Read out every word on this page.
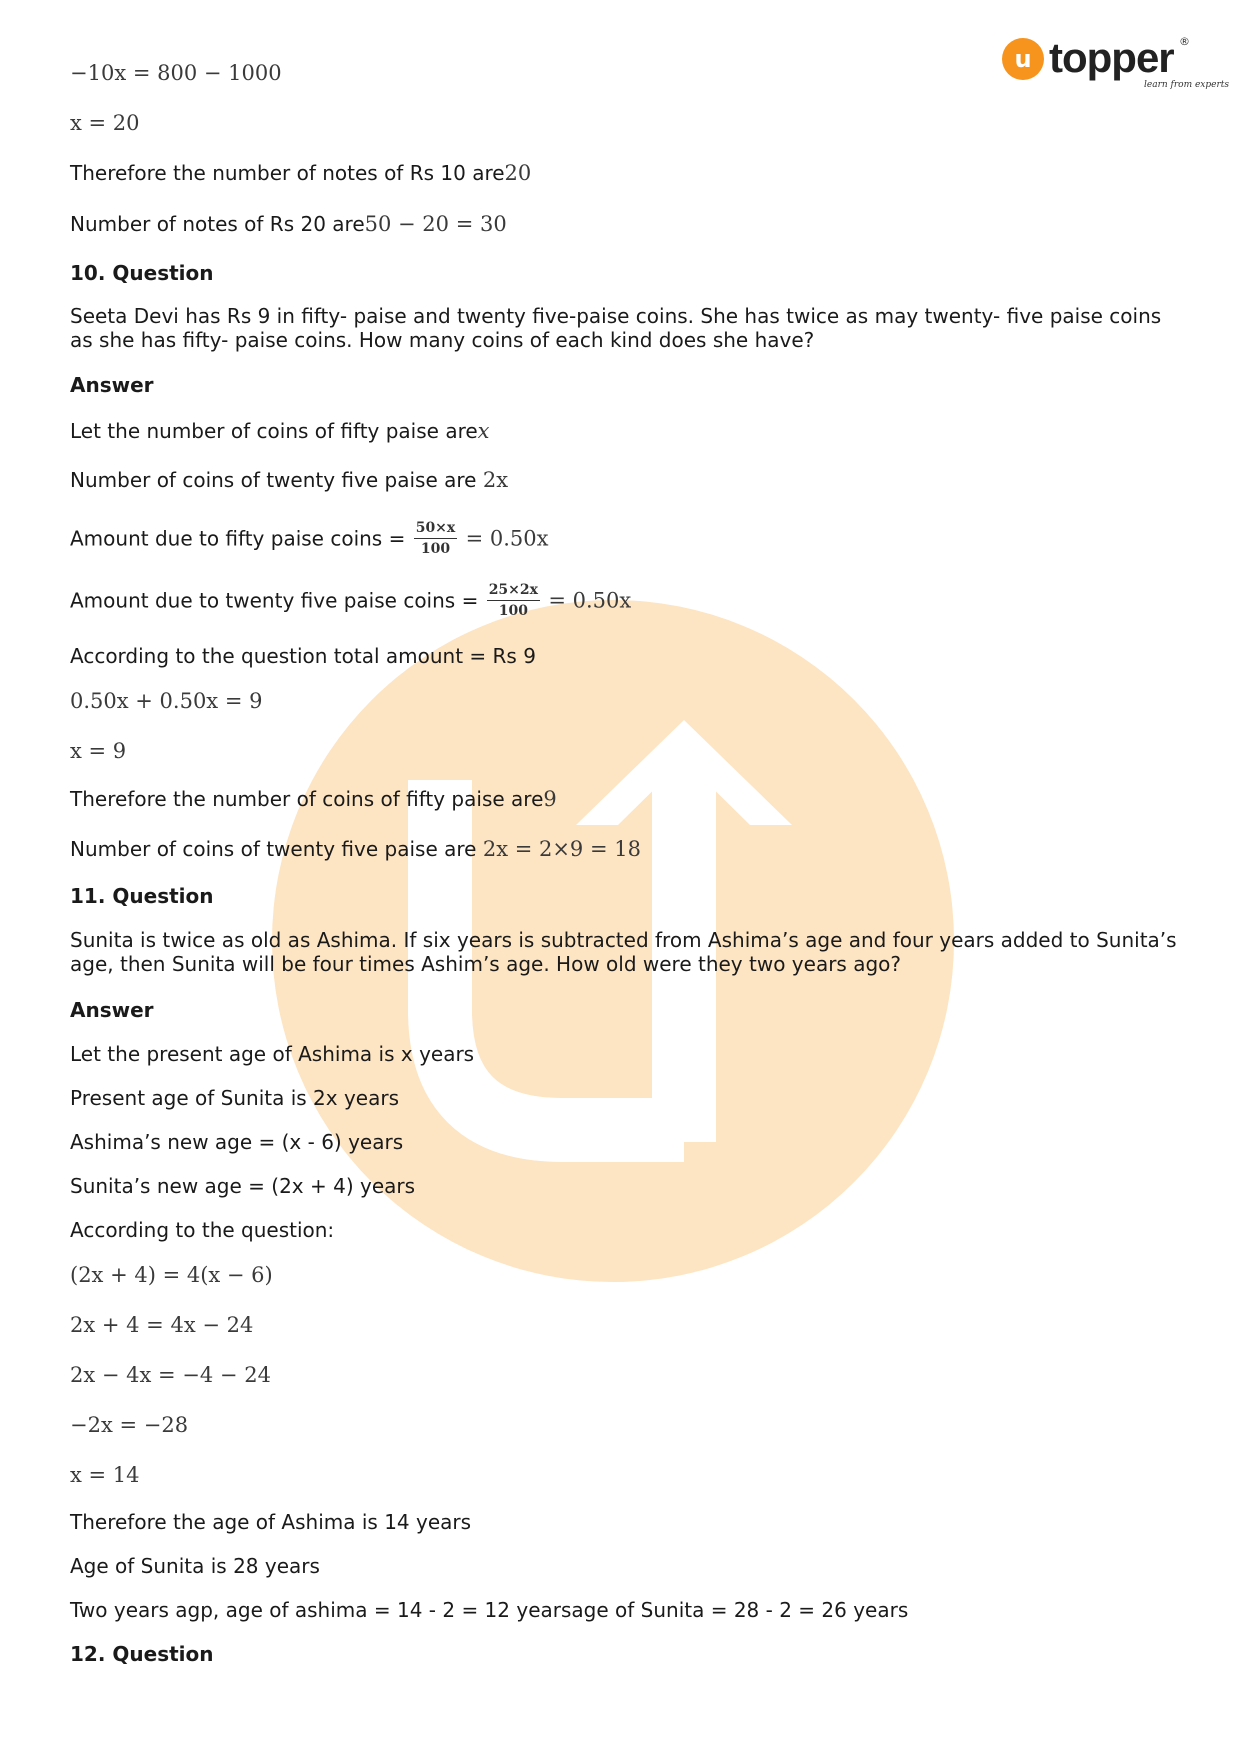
u topper
learn from experts
®
−10x = 800 − 1000
x = 20
Therefore the number of notes of Rs 10 are20
Number of notes of Rs 20 are50 − 20 = 30
10. Question
Seeta Devi has Rs 9 in fifty- paise and twenty five-paise coins. She has twice as may twenty- five paise coins as she has fifty- paise coins. How many coins of each kind does she have?
Answer
Let the number of coins of fifty paise arex
Number of coins of twenty five paise are 2x
Amount due to fifty paise coins = $\frac{50\times x}{100} = 0.50x$
Amount due to twenty five paise coins = $\frac{25\times 2x}{100} = 0.50x$
According to the question total amount = Rs 9
0.50x + 0.50x = 9
x = 9
Therefore the number of coins of fifty paise are9
Number of coins of twenty five paise are 2x = 2×9 = 18
11. Question
Sunita is twice as old as Ashima. If six years is subtracted from Ashima’s age and four years added to Sunita’s age, then Sunita will be four times Ashim’s age. How old were they two years ago?
Answer
Let the present age of Ashima is x years
Present age of Sunita is 2x years
Ashima’s new age = (x - 6) years
Sunita’s new age = (2x + 4) years
According to the question:
(2x + 4) = 4(x − 6)
2x + 4 = 4x − 24
2x − 4x = −4 − 24
−2x = −28
x = 14
Therefore the age of Ashima is 14 years
Age of Sunita is 28 years
Two years agp, age of ashima = 14 - 2 = 12 yearsage of Sunita = 28 - 2 = 26 years
12. Question
